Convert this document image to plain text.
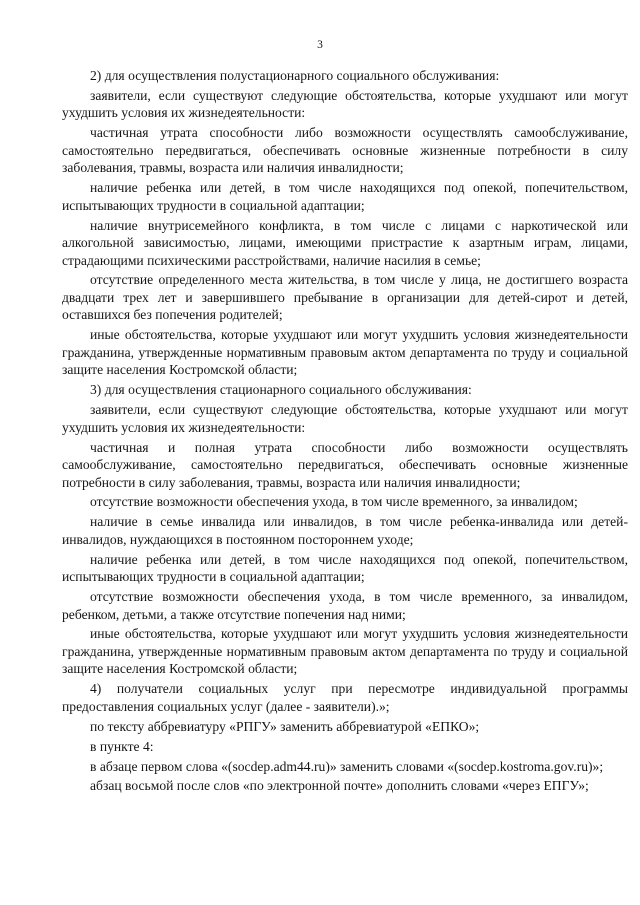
3

2) для осуществления полустационарного социального обслуживания:

заявители, если существуют следующие обстоятельства, которые ухудшают или могут ухудшить условия их жизнедеятельности:

частичная утрата способности либо возможности осуществлять самообслуживание, самостоятельно передвигаться, обеспечивать основные жизненные потребности в силу заболевания, травмы, возраста или наличия инвалидности;

наличие ребенка или детей, в том числе находящихся под опекой, попечительством, испытывающих трудности в социальной адаптации;

наличие внутрисемейного конфликта, в том числе с лицами с наркотической или алкогольной зависимостью, лицами, имеющими пристрастие к азартным играм, лицами, страдающими психическими расстройствами, наличие насилия в семье;

отсутствие определенного места жительства, в том числе у лица, не достигшего возраста двадцати трех лет и завершившего пребывание в организации для детей-сирот и детей, оставшихся без попечения родителей;

иные обстоятельства, которые ухудшают или могут ухудшить условия жизнедеятельности гражданина, утвержденные нормативным правовым актом департамента по труду и социальной защите населения Костромской области;

3) для осуществления стационарного социального обслуживания:

заявители, если существуют следующие обстоятельства, которые ухудшают или могут ухудшить условия их жизнедеятельности:

частичная и полная утрата способности либо возможности осуществлять самообслуживание, самостоятельно передвигаться, обеспечивать основные жизненные потребности в силу заболевания, травмы, возраста или наличия инвалидности;

отсутствие возможности обеспечения ухода, в том числе временного, за инвалидом;

наличие в семье инвалида или инвалидов, в том числе ребенка-инвалида или детей-инвалидов, нуждающихся в постоянном постороннем уходе;

наличие ребенка или детей, в том числе находящихся под опекой, попечительством, испытывающих трудности в социальной адаптации;

отсутствие возможности обеспечения ухода, в том числе временного, за инвалидом, ребенком, детьми, а также отсутствие попечения над ними;

иные обстоятельства, которые ухудшают или могут ухудшить условия жизнедеятельности гражданина, утвержденные нормативным правовым актом департамента по труду и социальной защите населения Костромской области;

4) получатели социальных услуг при пересмотре индивидуальной программы предоставления социальных услуг (далее - заявители).»;

по тексту аббревиатуру «РПГУ» заменить аббревиатурой «ЕПКО»;

в пункте 4:

в абзаце первом слова «(socdep.adm44.ru)» заменить словами «(socdep.kostroma.gov.ru)»;

абзац восьмой после слов «по электронной почте» дополнить словами «через ЕПГУ»;
